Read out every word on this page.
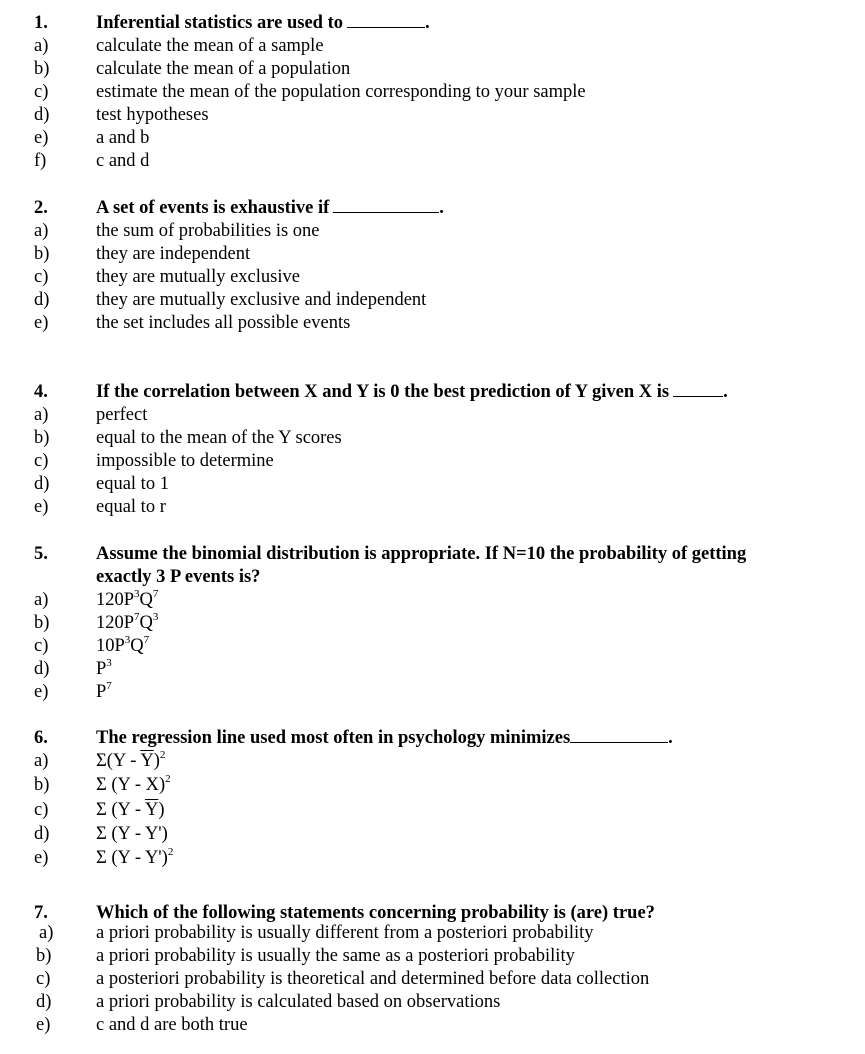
1.	Inferential statistics are used to	.
a)	calculate the mean of a sample
b)	calculate the mean of a population
c)	estimate the mean of the population corresponding to your sample
d)	test hypotheses
e)	a and b
f)	c and d
2.	A set of events is exhaustive if	.
a)	the sum of probabilities is one
b)	they are independent
c)	they are mutually exclusive
d)	they are mutually exclusive and independent
e)	the set includes all possible events
4.	If the correlation between X and Y is 0 the best prediction of Y given X is	.
a)	perfect
b)	equal to the mean of the Y scores
c)	impossible to determine
d)	equal to 1
e)	equal to r
5.	Assume the binomial distribution is appropriate. If N=10 the probability of getting
exactly 3 P events is?
a)	$120P^3Q^7$
b)	$120P^7Q^3$
c)	$10P^3Q^7$
d)	$P^3$
e)	$P^7$
6.	The regression line used most often in psychology minimizes	.
a)	$\Sigma(Y - \overline{Y})^2$
b)	Σ (Y - X)$^2$
c)	Σ $(Y - \overline{Y})$
d)	Σ (Y - Y')
e)	Σ (Y - Y')$^2$
7.	Which of the following statements concerning probability is (are) true?
a) a priori probability is usually different from a posteriori probability
b) a priori probability is usually the same as a posteriori probability
c) a posteriori probability is theoretical and determined before data collection
d) a priori probability is calculated based on observations
e) c and d are both true
